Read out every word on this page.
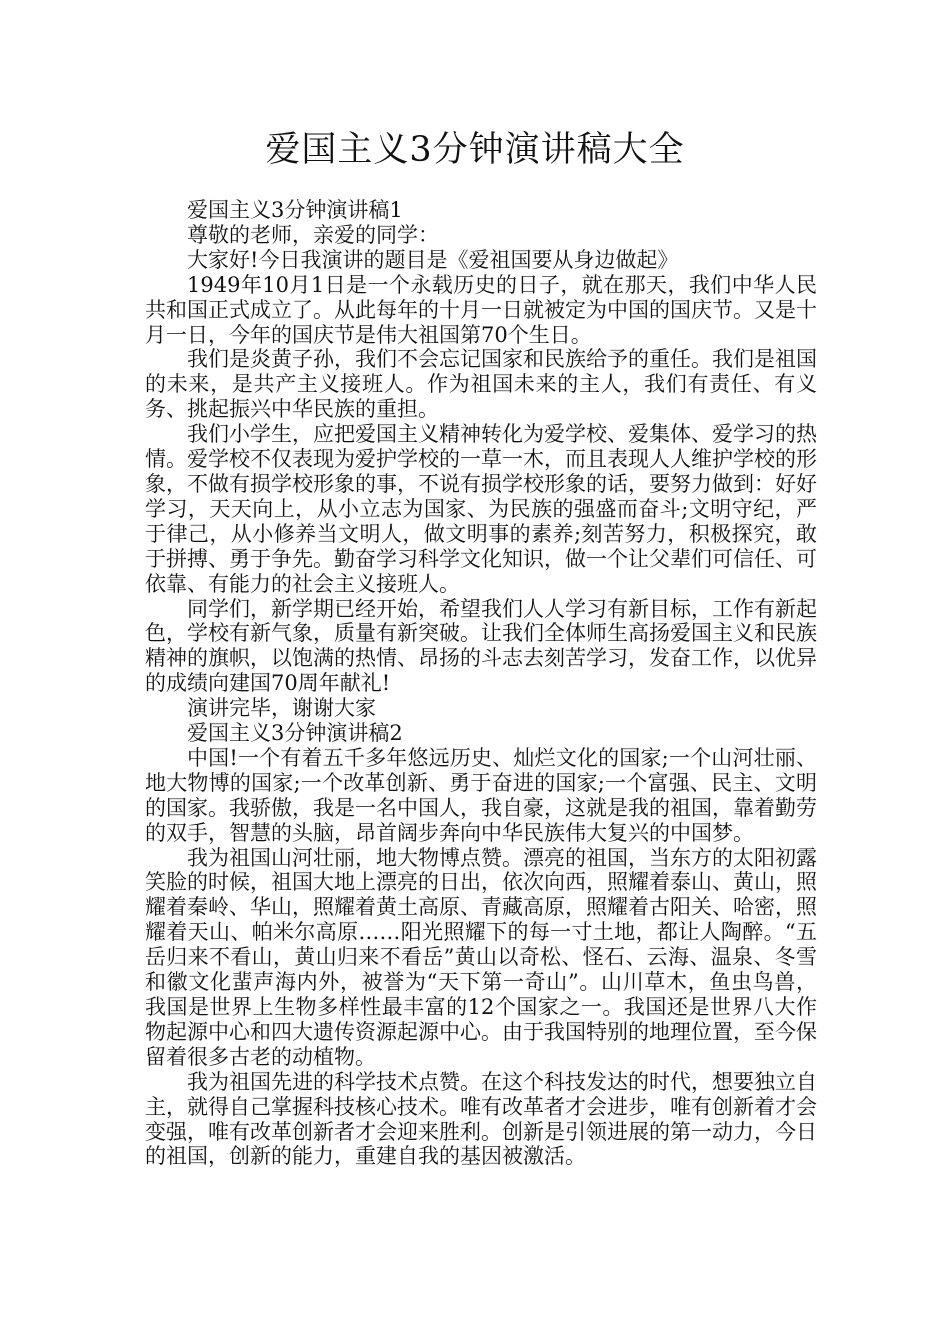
爱国主义3分钟演讲稿大全

爱国主义3分钟演讲稿1

尊敬的老师，亲爱的同学：

大家好!今日我演讲的题目是《爱祖国要从身边做起》

1949年10月1日是一个永载历史的日子，就在那天，我们中华人民共和国正式成立了。从此每年的十月一日就被定为中国的国庆节。又是十月一日，今年的国庆节是伟大祖国第70个生日。

我们是炎黄子孙，我们不会忘记国家和民族给予的重任。我们是祖国的未来，是共产主义接班人。作为祖国未来的主人，我们有责任、有义务、挑起振兴中华民族的重担。

我们小学生，应把爱国主义精神转化为爱学校、爱集体、爱学习的热情。爱学校不仅表现为爱护学校的一草一木，而且表现人人维护学校的形象，不做有损学校形象的事，不说有损学校形象的话，要努力做到：好好学习，天天向上，从小立志为国家、为民族的强盛而奋斗;文明守纪，严于律己，从小修养当文明人，做文明事的素养;刻苦努力，积极探究，敢于拼搏、勇于争先。勤奋学习科学文化知识，做一个让父辈们可信任、可依靠、有能力的社会主义接班人。

同学们，新学期已经开始，希望我们人人学习有新目标，工作有新起色，学校有新气象，质量有新突破。让我们全体师生高扬爱国主义和民族精神的旗帜，以饱满的热情、昂扬的斗志去刻苦学习，发奋工作，以优异的成绩向建国70周年献礼!

演讲完毕，谢谢大家

爱国主义3分钟演讲稿2

中国!一个有着五千多年悠远历史、灿烂文化的国家;一个山河壮丽、地大物博的国家;一个改革创新、勇于奋进的国家;一个富强、民主、文明的国家。我骄傲，我是一名中国人，我自豪，这就是我的祖国，靠着勤劳的双手，智慧的头脑，昂首阔步奔向中华民族伟大复兴的中国梦。

我为祖国山河壮丽，地大物博点赞。漂亮的祖国，当东方的太阳初露笑脸的时候，祖国大地上漂亮的日出，依次向西，照耀着泰山、黄山，照耀着秦岭、华山，照耀着黄土高原、青藏高原，照耀着古阳关、哈密，照耀着天山、帕米尔高原……阳光照耀下的每一寸土地，都让人陶醉。“五岳归来不看山，黄山归来不看岳”黄山以奇松、怪石、云海、温泉、冬雪和徽文化蜚声海内外，被誉为“天下第一奇山”。山川草木，鱼虫鸟兽，我国是世界上生物多样性最丰富的12个国家之一。我国还是世界八大作物起源中心和四大遗传资源起源中心。由于我国特别的地理位置，至今保留着很多古老的动植物。

我为祖国先进的科学技术点赞。在这个科技发达的时代，想要独立自主，就得自己掌握科技核心技术。唯有改革者才会进步，唯有创新着才会变强，唯有改革创新者才会迎来胜利。创新是引领进展的第一动力，今日的祖国，创新的能力，重建自我的基因被激活。
